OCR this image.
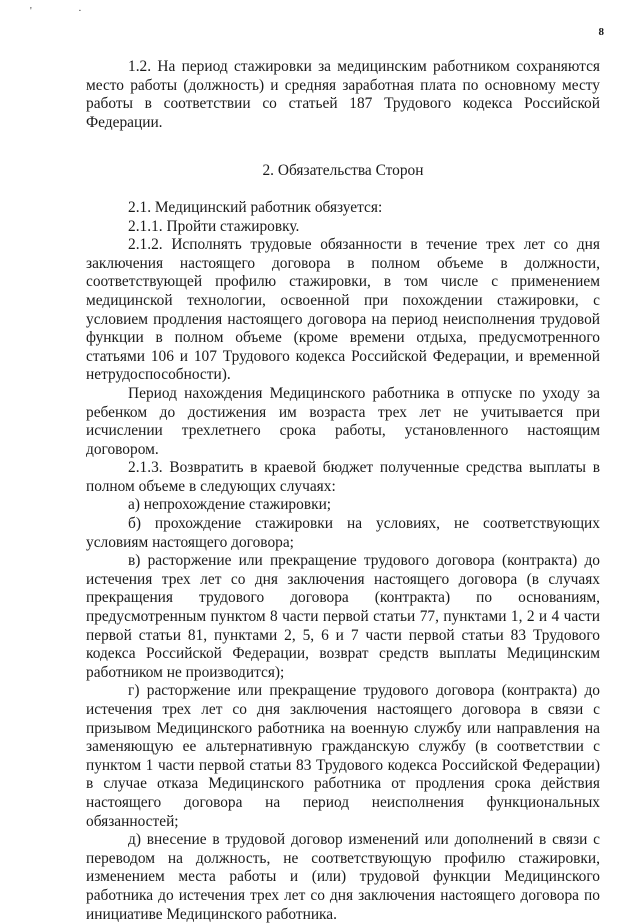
' ·
8

1.2. На период стажировки за медицинским работником сохраняются место работы (должность) и средняя заработная плата по основному месту работы в соответствии со статьей 187 Трудового кодекса Российской Федерации.

2. Обязательства Сторон

2.1. Медицинский работник обязуется:

2.1.1. Пройти стажировку.

2.1.2. Исполнять трудовые обязанности в течение трех лет со дня заключения настоящего договора в полном объеме в должности, соответствующей профилю стажировки, в том числе с применением медицинской технологии, освоенной при похождении стажировки, с условием продления настоящего договора на период неисполнения трудовой функции в полном объеме (кроме времени отдыха, предусмотренного статьями 106 и 107 Трудового кодекса Российской Федерации, и временной нетрудоспособности).

Период нахождения Медицинского работника в отпуске по уходу за ребенком до достижения им возраста трех лет не учитывается при исчислении трехлетнего срока работы, установленного настоящим договором.

2.1.3. Возвратить в краевой бюджет полученные средства выплаты в полном объеме в следующих случаях:

а) непрохождение стажировки;

б) прохождение стажировки на условиях, не соответствующих условиям настоящего договора;

в) расторжение или прекращение трудового договора (контракта) до истечения трех лет со дня заключения настоящего договора (в случаях прекращения трудового договора (контракта) по основаниям, предусмотренным пунктом 8 части первой статьи 77, пунктами 1, 2 и 4 части первой статьи 81, пунктами 2, 5, 6 и 7 части первой статьи 83 Трудового кодекса Российской Федерации, возврат средств выплаты Медицинским работником не производится);

г) расторжение или прекращение трудового договора (контракта) до истечения трех лет со дня заключения настоящего договора в связи с призывом Медицинского работника на военную службу или направления на заменяющую ее альтернативную гражданскую службу (в соответствии с пунктом 1 части первой статьи 83 Трудового кодекса Российской Федерации) в случае отказа Медицинского работника от продления срока действия настоящего договора на период неисполнения функциональных обязанностей;

д) внесение в трудовой договор изменений или дополнений в связи с переводом на должность, не соответствующую профилю стажировки, изменением места работы и (или) трудовой функции Медицинского работника до истечения трех лет со дня заключения настоящего договора по инициативе Медицинского работника.
